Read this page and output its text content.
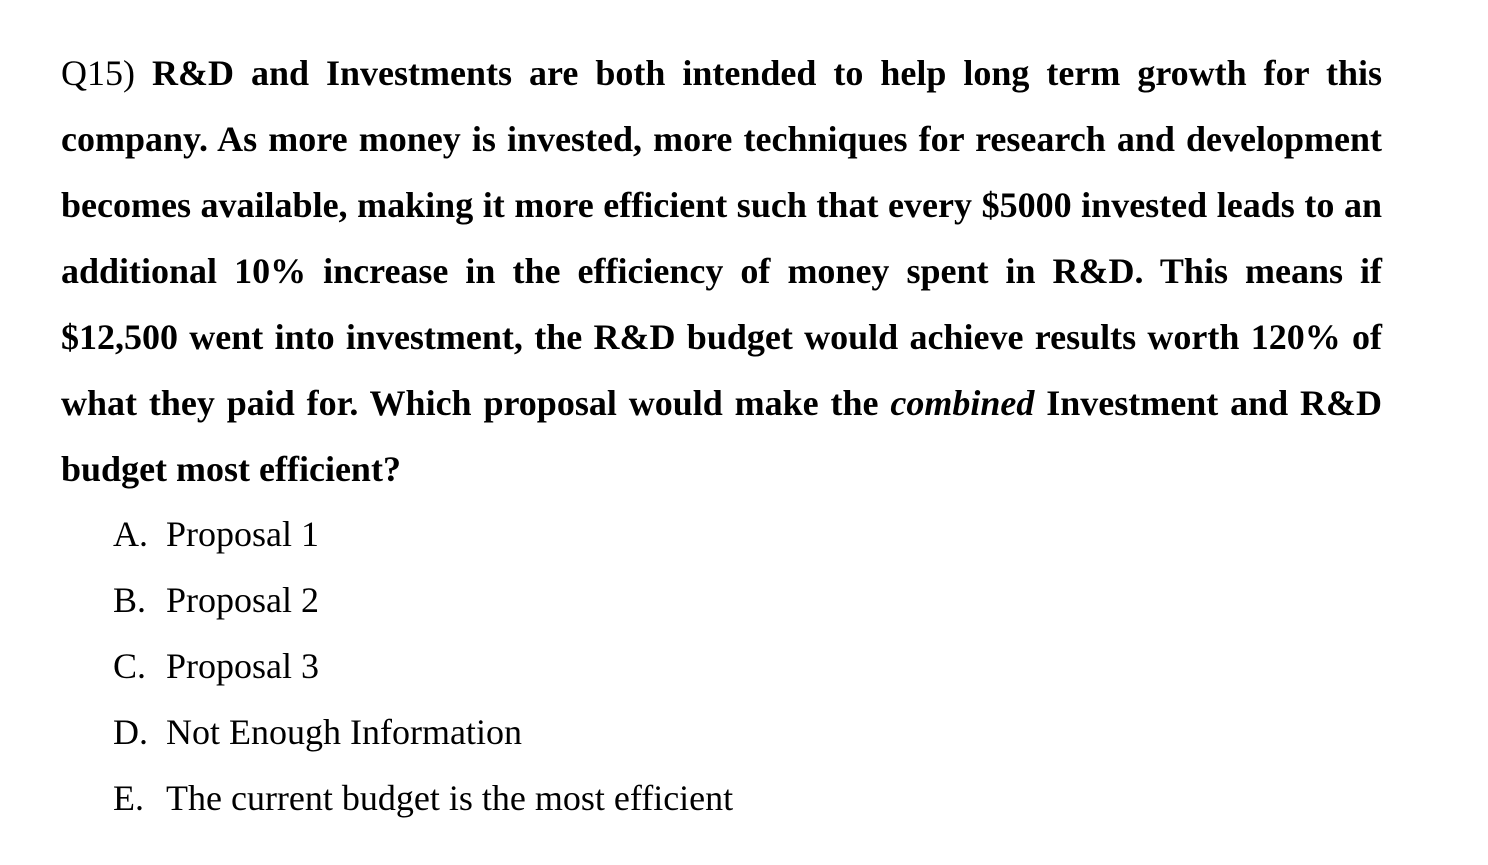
Q15) R&D and Investments are both intended to help long term growth for this company. As more money is invested, more techniques for research and development becomes available, making it more efficient such that every $5000 invested leads to an additional 10% increase in the efficiency of money spent in R&D. This means if $12,500 went into investment, the R&D budget would achieve results worth 120% of what they paid for. Which proposal would make the combined Investment and R&D budget most efficient?

A. Proposal 1
B. Proposal 2
C. Proposal 3
D. Not Enough Information
E. The current budget is the most efficient
